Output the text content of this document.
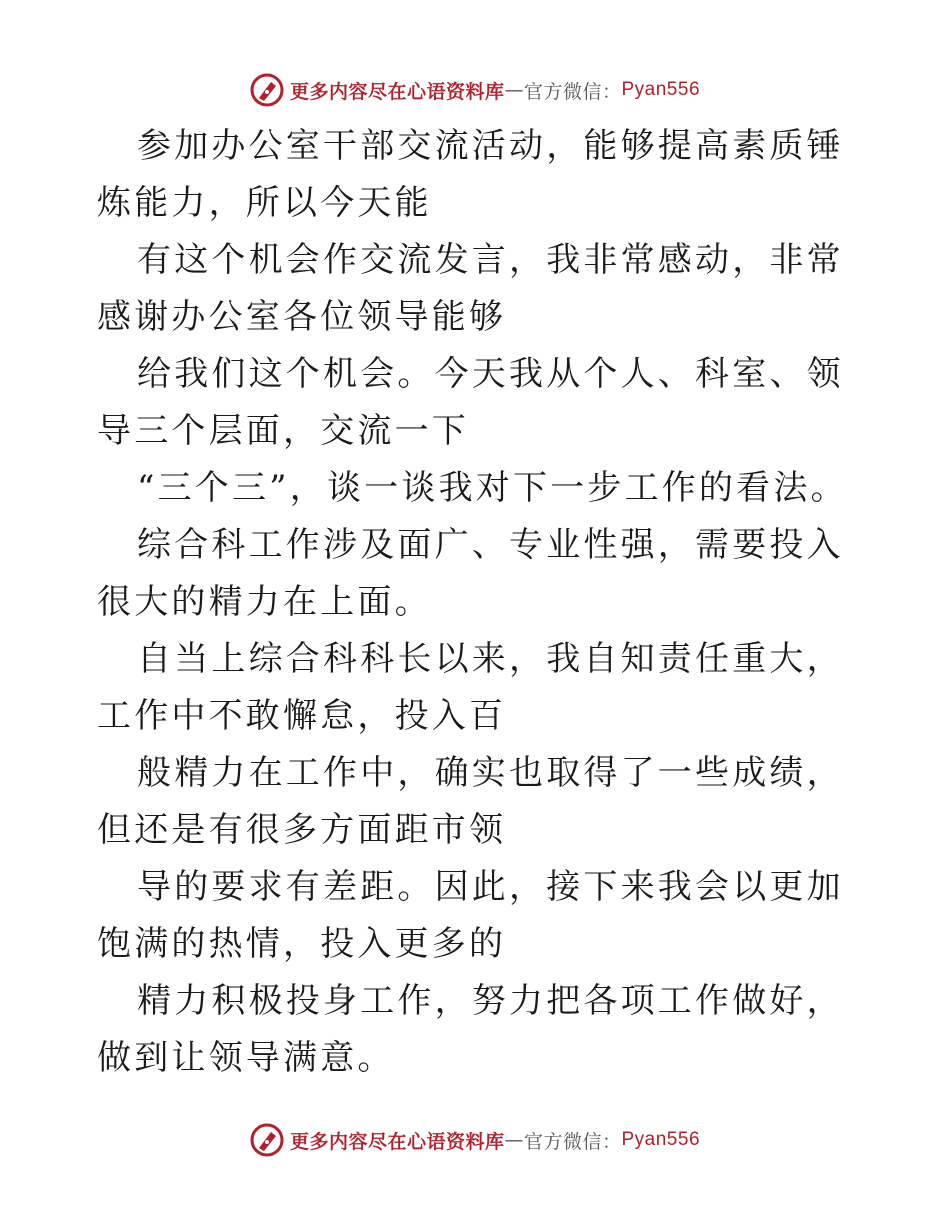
更多内容尽在心语资料库 — 官方微信： Pyan556

参加办公室干部交流活动，能够提高素质锤炼能力，所以今天能

有这个机会作交流发言，我非常感动，非常感谢办公室各位领导能够

给我们这个机会。今天我从个人、科室、领导三个层面，交流一下

“三个三”，谈一谈我对下一步工作的看法。

综合科工作涉及面广、专业性强，需要投入很大的精力在上面。

自当上综合科科长以来，我自知责任重大，工作中不敢懈怠，投入百

般精力在工作中，确实也取得了一些成绩，但还是有很多方面距市领

导的要求有差距。因此，接下来我会以更加饱满的热情，投入更多的

精力积极投身工作，努力把各项工作做好，做到让领导满意。

更多内容尽在心语资料库 — 官方微信： Pyan556
